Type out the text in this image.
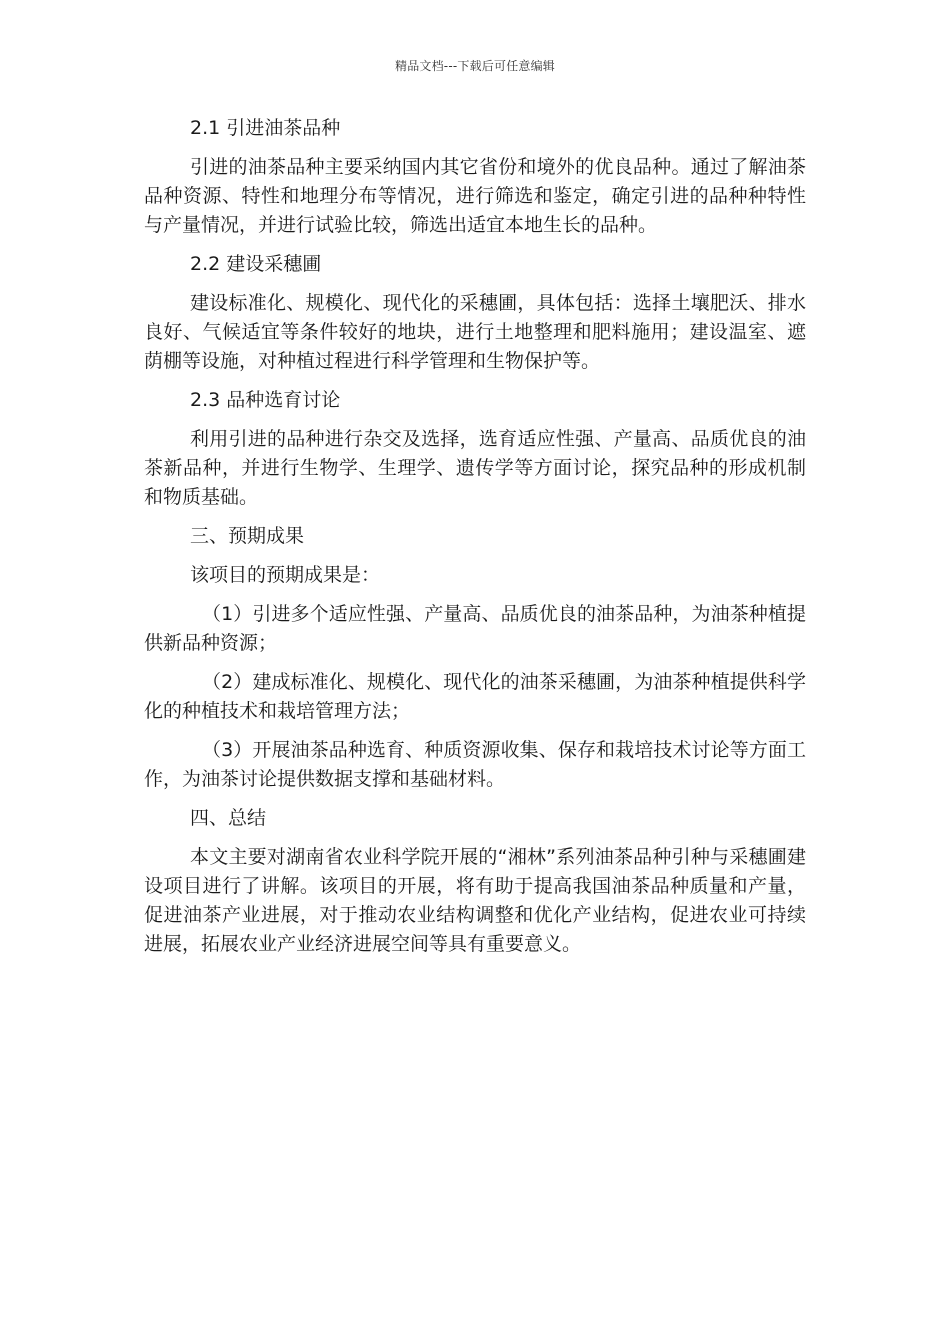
精品文档---下载后可任意编辑
2.1 引进油茶品种

引进的油茶品种主要采纳国内其它省份和境外的优良品种。通过了解油茶品种资源、特性和地理分布等情况，进行筛选和鉴定，确定引进的品种种特性与产量情况，并进行试验比较，筛选出适宜本地生长的品种。

2.2 建设采穗圃

建设标准化、规模化、现代化的采穗圃，具体包括：选择土壤肥沃、排水良好、气候适宜等条件较好的地块，进行土地整理和肥料施用；建设温室、遮荫棚等设施，对种植过程进行科学管理和生物保护等。

2.3 品种选育讨论

利用引进的品种进行杂交及选择，选育适应性强、产量高、品质优良的油茶新品种，并进行生物学、生理学、遗传学等方面讨论，探究品种的形成机制和物质基础。

三、预期成果
该项目的预期成果是：

（1）引进多个适应性强、产量高、品质优良的油茶品种，为油茶种植提供新品种资源；

（2）建成标准化、规模化、现代化的油茶采穗圃，为油茶种植提供科学化的种植技术和栽培管理方法；

（3）开展油茶品种选育、种质资源收集、保存和栽培技术讨论等方面工作，为油茶讨论提供数据支撑和基础材料。

四、总结

本文主要对湖南省农业科学院开展的“湘林”系列油茶品种引种与采穗圃建设项目进行了讲解。该项目的开展，将有助于提高我国油茶品种质量和产量，促进油茶产业进展，对于推动农业结构调整和优化产业结构，促进农业可持续进展，拓展农业产业经济进展空间等具有重要意义。
